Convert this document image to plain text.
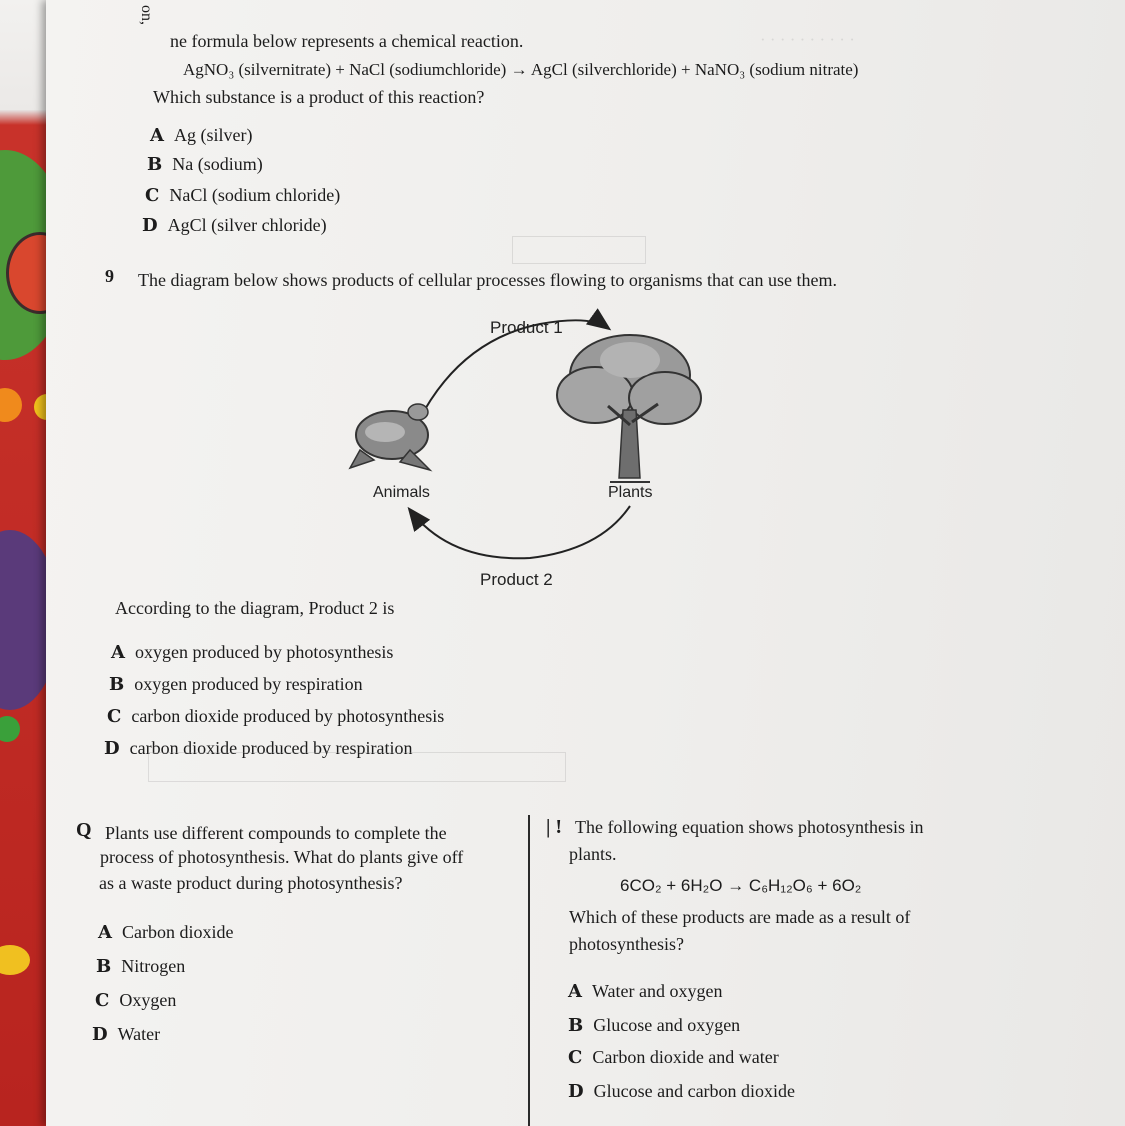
on,
· · · · · · · · · ·
ne formula below represents a chemical reaction.
AgNO₃ (silvernitrate) + NaCl (sodiumchloride) → AgCl (silverchloride) + NaNO₃ (sodium nitrate)
Which substance is a product of this reaction?
A Ag (silver)
B Na (sodium)
C NaCl (sodium chloride)
D AgCl (silver chloride)
9 The diagram below shows products of cellular processes flowing to organisms that can use them.
Product 1
Animals	Plants
Product 2
According to the diagram, Product 2 is
A oxygen produced by photosynthesis
B oxygen produced by respiration
C carbon dioxide produced by photosynthesis
D carbon dioxide produced by respiration
Q Plants use different compounds to complete the
process of photosynthesis. What do plants give off
as a waste product during photosynthesis?
A Carbon dioxide
B Nitrogen
C Oxygen
D Water
| ! The following equation shows photosynthesis in
plants.
6CO₂ + 6H₂O → C₆H₁₂O₆ + 6O₂
Which of these products are made as a result of
photosynthesis?
A Water and oxygen
B Glucose and oxygen
C Carbon dioxide and water
D Glucose and carbon dioxide
